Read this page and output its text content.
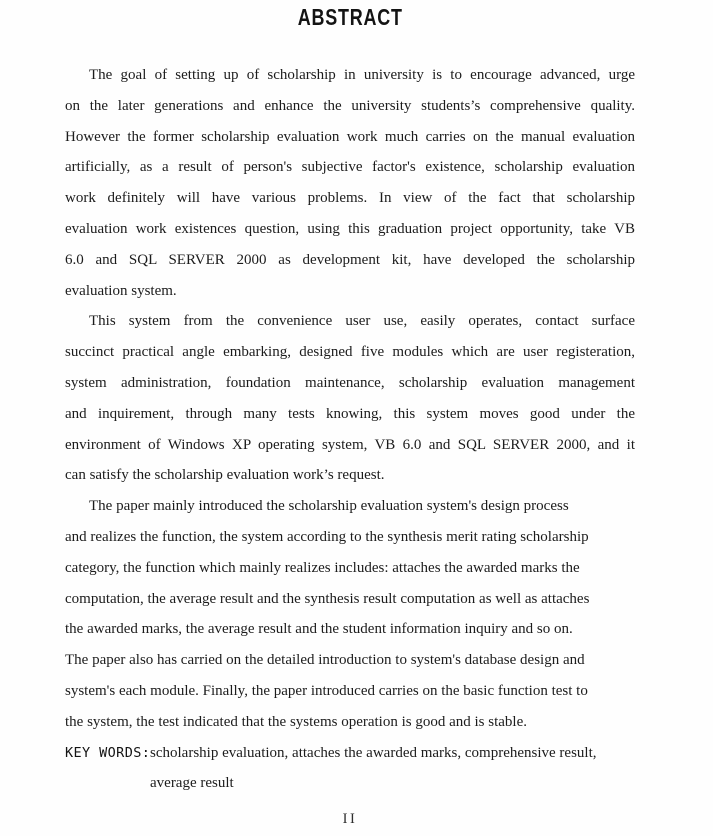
ABSTRACT
The goal of setting up of scholarship in university is to encourage advanced, urge
on the later generations and enhance the university students’s comprehensive quality.
However the former scholarship evaluation work much carries on the manual evaluation
artificially, as a result of person's subjective factor's existence, scholarship evaluation
work definitely will have various problems. In view of the fact that scholarship
evaluation work existences question, using this graduation project opportunity, take VB
6.0 and SQL SERVER 2000 as development kit, have developed the scholarship
evaluation system.
This system from the convenience user use, easily operates, contact surface
succinct practical angle embarking, designed five modules which are user registeration,
system administration, foundation maintenance, scholarship evaluation management
and inquirement, through many tests knowing, this system moves good under the
environment of Windows XP operating system, VB 6.0 and SQL SERVER 2000, and it
can satisfy the scholarship evaluation work’s request.
The paper mainly introduced the scholarship evaluation system's design process
and realizes the function, the system according to the synthesis merit rating scholarship
category, the function which mainly realizes includes: attaches the awarded marks the
computation, the average result and the synthesis result computation as well as attaches
the awarded marks, the average result and the student information inquiry and so on.
The paper also has carried on the detailed introduction to system's database design and
system's each module. Finally, the paper introduced carries on the basic function test to
the system, the test indicated that the systems operation is good and is stable.
KEY WORDS: scholarship evaluation, attaches the awarded marks, comprehensive result,
average result
II
